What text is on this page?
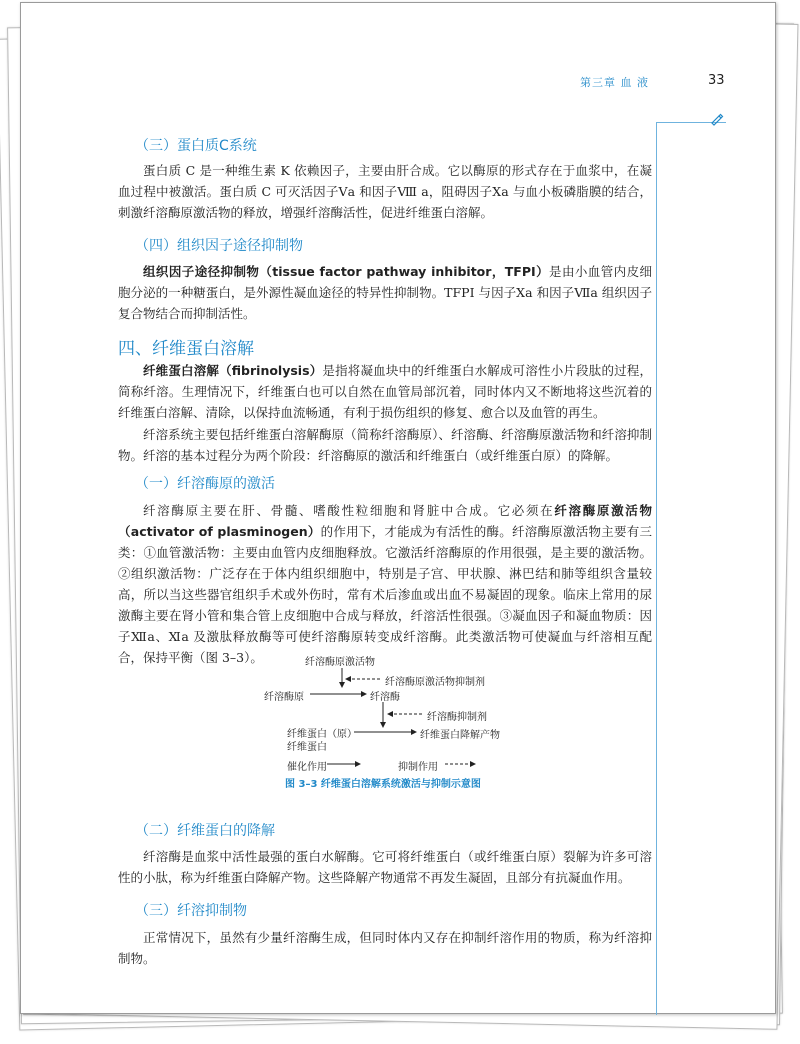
第三章 血 液	33
（三）蛋白质C系统
蛋白质 C 是一种维生素 K 依赖因子，主要由肝合成。它以酶原的形式存在于血浆中，在凝血过程中被激活。蛋白质 C 可灭活因子Ⅴa 和因子Ⅷ a，阻碍因子Ⅹa 与血小板磷脂膜的结合，刺激纤溶酶原激活物的释放，增强纤溶酶活性，促进纤维蛋白溶解。
（四）组织因子途径抑制物
组织因子途径抑制物（tissue factor pathway inhibitor，TFPI）是由小血管内皮细胞分泌的一种糖蛋白，是外源性凝血途径的特异性抑制物。TFPI 与因子Ⅹa 和因子Ⅶa 组织因子复合物结合而抑制活性。
四、纤维蛋白溶解
纤维蛋白溶解（fibrinolysis）是指将凝血块中的纤维蛋白水解成可溶性小片段肽的过程，简称纤溶。生理情况下，纤维蛋白也可以自然在血管局部沉着，同时体内又不断地将这些沉着的纤维蛋白溶解、清除，以保持血流畅通，有利于损伤组织的修复、愈合以及血管的再生。
纤溶系统主要包括纤维蛋白溶解酶原（简称纤溶酶原）、纤溶酶、纤溶酶原激活物和纤溶抑制物。纤溶的基本过程分为两个阶段：纤溶酶原的激活和纤维蛋白（或纤维蛋白原）的降解。
（一）纤溶酶原的激活
纤溶酶原主要在肝、骨髓、嗜酸性粒细胞和肾脏中合成。它必须在纤溶酶原激活物（activator of plasminogen）的作用下，才能成为有活性的酶。纤溶酶原激活物主要有三类：①血管激活物：主要由血管内皮细胞释放。它激活纤溶酶原的作用很强，是主要的激活物。②组织激活物：广泛存在于体内组织细胞中，特别是子宫、甲状腺、淋巴结和肺等组织含量较高，所以当这些器官组织手术或外伤时，常有术后渗血或出血不易凝固的现象。临床上常用的尿激酶主要在肾小管和集合管上皮细胞中合成与释放，纤溶活性很强。③凝血因子和凝血物质：因子Ⅻa、Ⅺa 及激肽释放酶等可使纤溶酶原转变成纤溶酶。此类激活物可使凝血与纤溶相互配合，保持平衡（图 3–3）。	纤溶酶原激活物
纤溶酶原激活物抑制剂
纤溶酶原	纤溶酶
纤溶酶抑制剂
纤维蛋白（原）
纤维蛋白
纤维蛋白降解产物
催化作用	抑制作用
图 3–3 纤维蛋白溶解系统激活与抑制示意图
（二）纤维蛋白的降解
纤溶酶是血浆中活性最强的蛋白水解酶。它可将纤维蛋白（或纤维蛋白原）裂解为许多可溶性的小肽，称为纤维蛋白降解产物。这些降解产物通常不再发生凝固，且部分有抗凝血作用。
（三）纤溶抑制物
正常情况下，虽然有少量纤溶酶生成，但同时体内又存在抑制纤溶作用的物质，称为纤溶抑制物。
